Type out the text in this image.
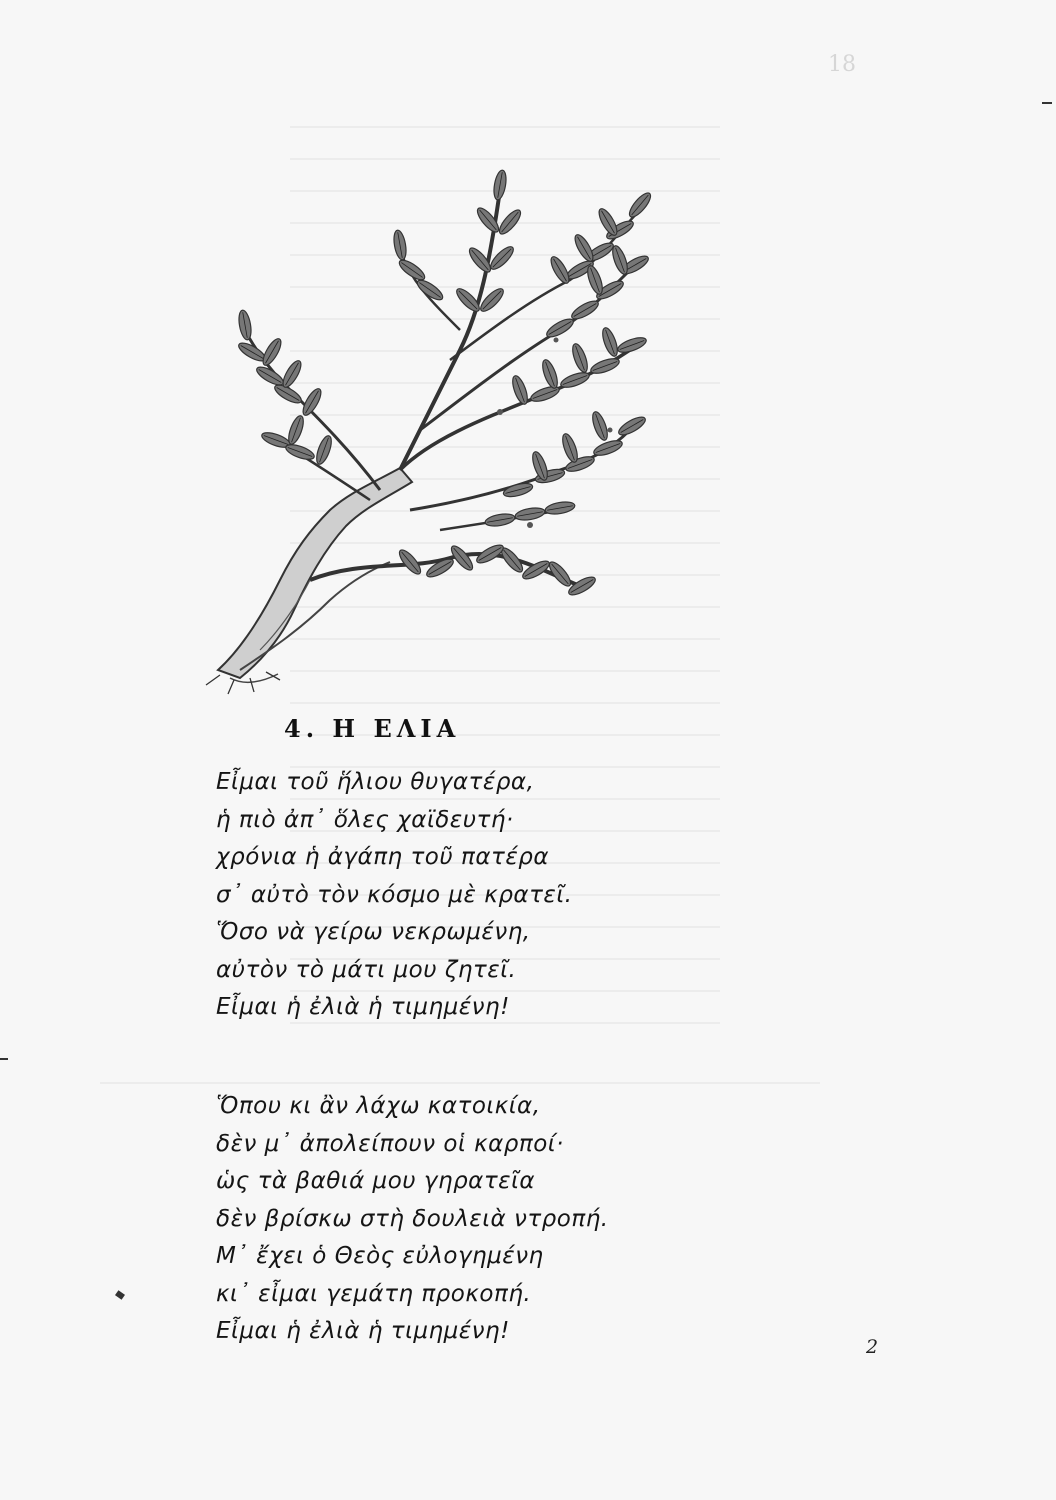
18
4. Η ΕΛΙΑ
Εἶμαι τοῦ ἥλιου θυγατέρα,
ἡ πιὸ ἀπ᾽ ὅλες χαϊδευτή·
χρόνια ἡ ἀγάπη τοῦ πατέρα
σ᾽ αὐτὸ τὸν κόσμο μὲ κρατεῖ.
Ὅσο νὰ γείρω νεκρωμένη,
αὐτὸν τὸ μάτι μου ζητεῖ.
Εἶμαι ἡ ἐλιὰ ἡ τιμημένη!
Ὅπου κι ἂν λάχω κατοικία,
δὲν μ᾽ ἀπολείπουν οἱ καρποί·
ὡς τὰ βαθιά μου γηρατεῖα
δὲν βρίσκω στὴ δουλειὰ ντροπή.
Μ᾽ ἔχει ὁ Θεὸς εὐλογημένη
κι᾽ εἶμαι γεμάτη προκοπή.
Εἶμαι ἡ ἐλιὰ ἡ τιμημένη!
2
